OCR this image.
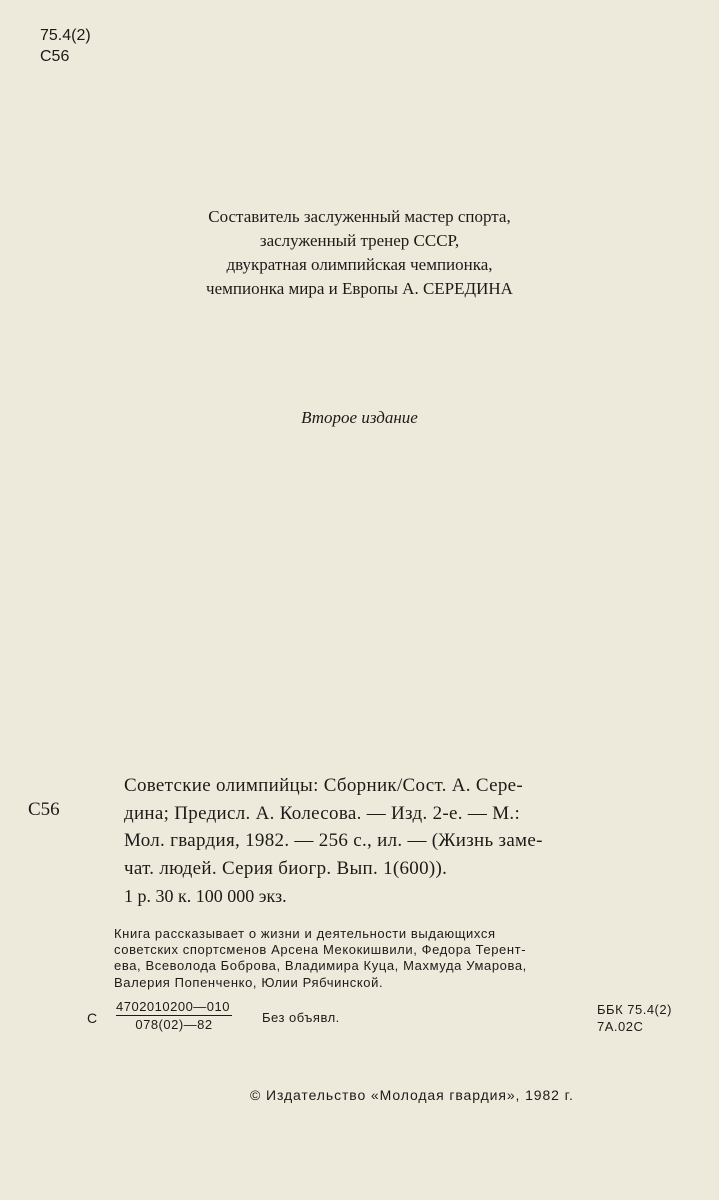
75.4(2)
С56
Составитель заслуженный мастер спорта,
заслуженный тренер СССР,
двукратная олимпийская чемпионка,
чемпионка мира и Европы А. СЕРЕДИНА
Второе издание
С56
Советские олимпийцы: Сборник/Сост. А. Сере-
дина; Предисл. А. Колесова. — Изд. 2-е. — М.:
Мол. гвардия, 1982. — 256 с., ил. — (Жизнь заме-
чат. людей. Серия биогр. Вып. 1(600)).
1 р. 30 к. 100 000 экз.
Книга рассказывает о жизни и деятельности выдающихся
советских спортсменов Арсена Мекокишвили, Федора Терент-
ева, Всеволода Боброва, Владимира Куца, Махмуда Умарова,
Валерия Попенченко, Юлии Рябчинской.
С $\frac{4702010200—010}{078(02)—82}$ Без объявл.
ББК 75.4(2)
7А.02С
© Издательство «Молодая гвардия», 1982 г.
